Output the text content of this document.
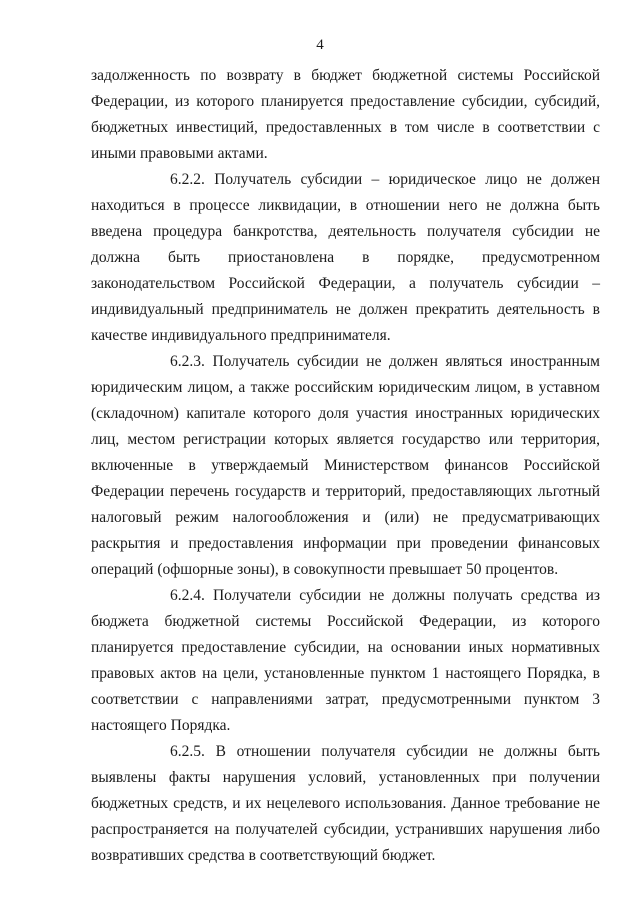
4

задолженность по возврату в бюджет бюджетной системы Российской Федерации, из которого планируется предоставление субсидии, субсидий, бюджетных инвестиций, предоставленных в том числе в соответствии с иными правовыми актами.

6.2.2. Получатель субсидии – юридическое лицо не должен находиться в процессе ликвидации, в отношении него не должна быть введена процедура банкротства, деятельность получателя субсидии не должна быть приостановлена в порядке, предусмотренном законодательством Российской Федерации, а получатель субсидии – индивидуальный предприниматель не должен прекратить деятельность в качестве индивидуального предпринимателя.

6.2.3. Получатель субсидии не должен являться иностранным юридическим лицом, а также российским юридическим лицом, в уставном (складочном) капитале которого доля участия иностранных юридических лиц, местом регистрации которых является государство или территория, включенные в утверждаемый Министерством финансов Российской Федерации перечень государств и территорий, предоставляющих льготный налоговый режим налогообложения и (или) не предусматривающих раскрытия и предоставления информации при проведении финансовых операций (офшорные зоны), в совокупности превышает 50 процентов.

6.2.4. Получатели субсидии не должны получать средства из бюджета бюджетной системы Российской Федерации, из которого планируется предоставление субсидии, на основании иных нормативных правовых актов на цели, установленные пунктом 1 настоящего Порядка, в соответствии с направлениями затрат, предусмотренными пунктом 3 настоящего Порядка.

6.2.5. В отношении получателя субсидии не должны быть выявлены факты нарушения условий, установленных при получении бюджетных средств, и их нецелевого использования. Данное требование не распространяется на получателей субсидии, устранивших нарушения либо возвративших средства в соответствующий бюджет.
